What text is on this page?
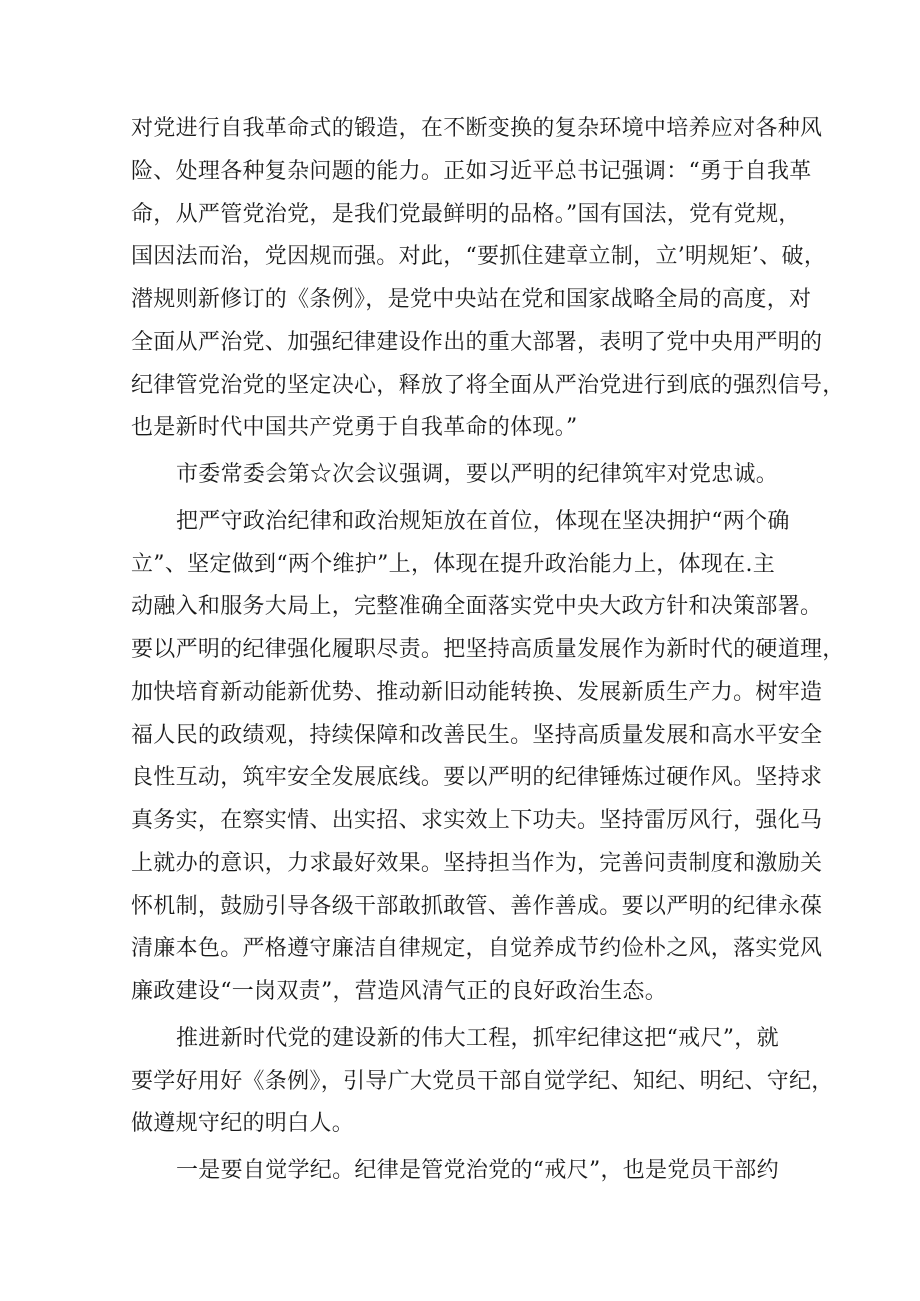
对党进行自我革命式的锻造，在不断变换的复杂环境中培养应对各种风
险、处理各种复杂问题的能力。正如习近平总书记强调：“勇于自我革
命，从严管党治党，是我们党最鲜明的品格。”国有国法，党有党规，
国因法而治，党因规而强。对此，“要抓住建章立制，立’明规矩’、破，
潜规则新修订的《条例》，是党中央站在党和国家战略全局的高度，对
全面从严治党、加强纪律建设作出的重大部署，表明了党中央用严明的
纪律管党治党的坚定决心，释放了将全面从严治党进行到底的强烈信号，
也是新时代中国共产党勇于自我革命的体现。”
市委常委会第☆次会议强调，要以严明的纪律筑牢对党忠诚。
把严守政治纪律和政治规矩放在首位，体现在坚决拥护“两个确
立”、坚定做到“两个维护”上，体现在提升政治能力上，体现在.主
动融入和服务大局上，完整准确全面落实党中央大政方针和决策部署。
要以严明的纪律强化履职尽责。把坚持高质量发展作为新时代的硬道理，
加快培育新动能新优势、推动新旧动能转换、发展新质生产力。树牢造
福人民的政绩观，持续保障和改善民生。坚持高质量发展和高水平安全
良性互动，筑牢安全发展底线。要以严明的纪律锤炼过硬作风。坚持求
真务实，在察实情、出实招、求实效上下功夫。坚持雷厉风行，强化马
上就办的意识，力求最好效果。坚持担当作为，完善问责制度和激励关
怀机制，鼓励引导各级干部敢抓敢管、善作善成。要以严明的纪律永葆
清廉本色。严格遵守廉洁自律规定，自觉养成节约俭朴之风，落实党风
廉政建设“一岗双责”，营造风清气正的良好政治生态。
推进新时代党的建设新的伟大工程，抓牢纪律这把“戒尺”，就
要学好用好《条例》，引导广大党员干部自觉学纪、知纪、明纪、守纪，
做遵规守纪的明白人。
一是要自觉学纪。纪律是管党治党的“戒尺”，也是党员干部约
